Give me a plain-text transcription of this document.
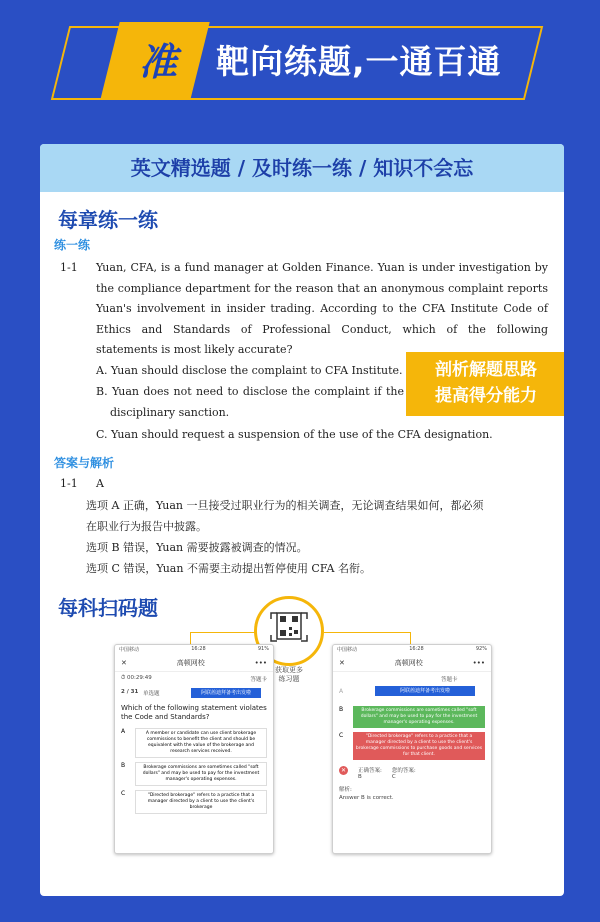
准	靶向练题,一通百通
英文精选题 / 及时练一练 / 知识不会忘
每章练一练
练一练
1-1	Yuan, CFA, is a fund manager at Golden Finance. Yuan is under investigation by the compliance department for the reason that an anonymous complaint reports Yuan's involvement in insider trading. According to the CFA Institute Code of Ethics and Standards of Professional Conduct, which of the following statements is most likely accurate?
A. Yuan should disclose the complaint to CFA Institute.
B. Yuan does not need to disclose the complaint if the
disciplinary sanction.
C. Yuan should request a suspension of the use of the CFA designation.
剖析解题思路
提高得分能力
答案与解析
1-1 A
选项 A 正确，Yuan 一旦接受过职业行为的相关调查，无论调查结果如何，都必须
在职业行为报告中披露。
选项 B 错误，Yuan 需要披露被调查的情况。
选项 C 错误，Yuan 不需要主动提出暂停使用 CFA 名衔。
每科扫码题
获取更多
练习题
中国移动	16:28	91%
✕	高顿网校	•••
⏱ 00:29:49	答题卡
2 / 31 单选题	阿联酋迪拜备考出发啦
Which of the following statement violates the Code and Standards?
A	A member or candidate can use client brokerage commissions to benefit the client and should be equivalent with the value of the brokerage and research services received.
B	Brokerage commissions are sometimes called "soft dollars" and may be used to pay for the investment manager's operating expenses.
C	"Directed brokerage" refers to a practice that a manager directed by a client to use the client's brokerage
中国移动	16:28	92%
✕	高顿网校	•••
答题卡
A	阿联酋迪拜备考出发啦
B	Brokerage commissions are sometimes called "soft dollars" and may be used to pay for the investment manager's operating expenses.
C	"Directed brokerage" refers to a practice that a manager directed by a client to use the client's brokerage commissions to purchase goods and services for that client.
✕	正确答案:
B
您的答案:
C
解析:
Answer B is correct.
